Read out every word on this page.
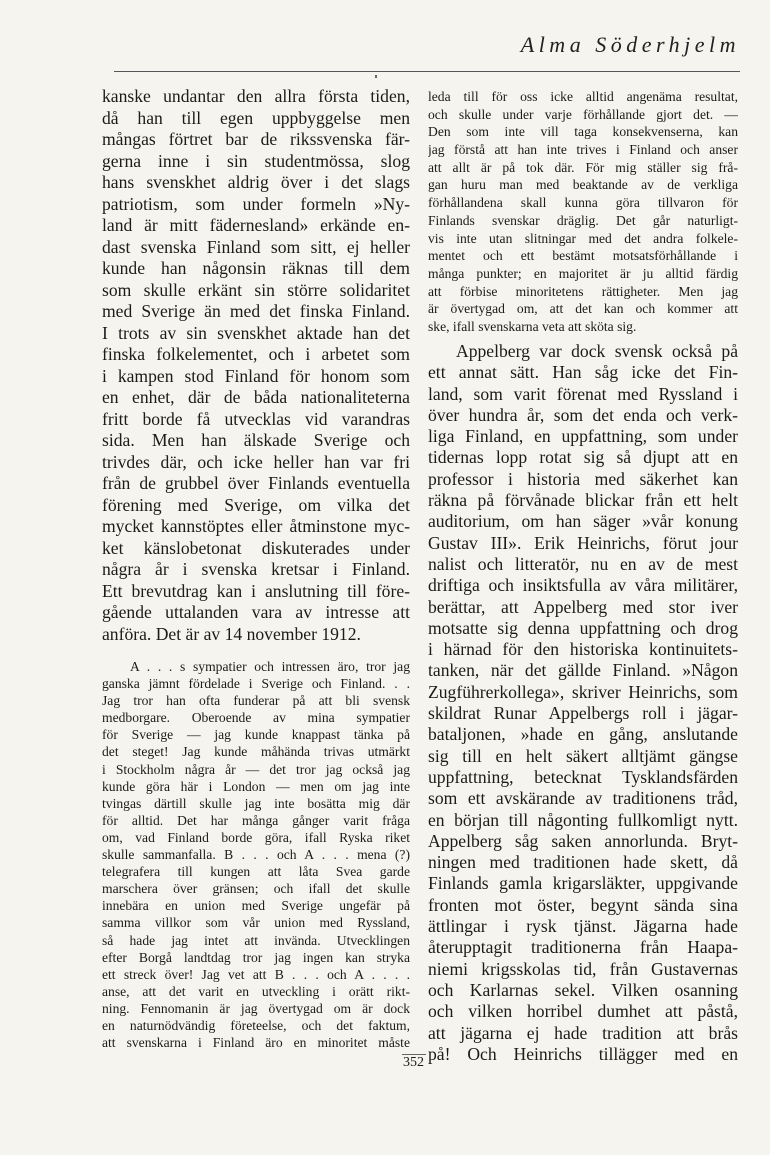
Alma Söderhjelm
kanske undantar den allra första tiden,
då han till egen uppbyggelse men
mångas förtret bar de rikssvenska fär-
gerna inne i sin studentmössa, slog
hans svenskhet aldrig över i det slags
patriotism, som under formeln »Ny-
land är mitt fädernesland» erkände en-
dast svenska Finland som sitt, ej heller
kunde han någonsin räknas till dem
som skulle erkänt sin större solidaritet
med Sverige än med det finska Finland.
I trots av sin svenskhet aktade han det
finska folkelementet, och i arbetet som
i kampen stod Finland för honom som
en enhet, där de båda nationaliteterna
fritt borde få utvecklas vid varandras
sida. Men han älskade Sverige och
trivdes där, och icke heller han var fri
från de grubbel över Finlands eventuella
förening med Sverige, om vilka det
mycket kannstöptes eller åtminstone myc-
ket känslobetonat diskuterades under
några år i svenska kretsar i Finland.
Ett brevutdrag kan i anslutning till före-
gående uttalanden vara av intresse att
anföra. Det är av 14 november 1912.
A . . . s sympatier och intressen äro, tror jag
ganska jämnt fördelade i Sverige och Finland. . .
Jag tror han ofta funderar på att bli svensk
medborgare. Oberoende av mina sympatier
för Sverige — jag kunde knappast tänka på
det steget! Jag kunde måhända trivas utmärkt
i Stockholm några år — det tror jag också jag
kunde göra här i London — men om jag inte
tvingas därtill skulle jag inte bosätta mig där
för alltid. Det har många gånger varit fråga
om, vad Finland borde göra, ifall Ryska riket
skulle sammanfalla. B . . . och A . . . mena (?)
telegrafera till kungen att låta Svea garde
marschera över gränsen; och ifall det skulle
innebära en union med Sverige ungefär på
samma villkor som vår union med Ryssland,
så hade jag intet att invända. Utvecklingen
efter Borgå landtdag tror jag ingen kan stryka
ett streck över! Jag vet att B . . . och A . . . .
anse, att det varit en utveckling i orätt rikt-
ning. Fennomanin är jag övertygad om är dock
en naturnödvändig företeelse, och det faktum,
att svenskarna i Finland äro en minoritet måste
leda till för oss icke alltid angenäma resultat,
och skulle under varje förhållande gjort det. —
Den som inte vill taga konsekvenserna, kan
jag förstå att han inte trives i Finland och anser
att allt är på tok där. För mig ställer sig frå-
gan huru man med beaktande av de verkliga
förhållandena skall kunna göra tillvaron för
Finlands svenskar dräglig. Det går naturligt-
vis inte utan slitningar med det andra folkele-
mentet och ett bestämt motsatsförhållande i
många punkter; en majoritet är ju alltid färdig
att förbise minoritetens rättigheter. Men jag
är övertygad om, att det kan och kommer att
ske, ifall svenskarna veta att sköta sig.
Appelberg var dock svensk också på
ett annat sätt. Han såg icke det Fin-
land, som varit förenat med Ryssland i
över hundra år, som det enda och verk-
liga Finland, en uppfattning, som under
tidernas lopp rotat sig så djupt att en
professor i historia med säkerhet kan
räkna på förvånade blickar från ett helt
auditorium, om han säger »vår konung
Gustav III». Erik Heinrichs, förut jour
nalist och litteratör, nu en av de mest
driftiga och insiktsfulla av våra militärer,
berättar, att Appelberg med stor iver
motsatte sig denna uppfattning och drog
i härnad för den historiska kontinuitets-
tanken, när det gällde Finland. »Någon
Zugführerkollega», skriver Heinrichs, som
skildrat Runar Appelbergs roll i jägar-
bataljonen, »hade en gång, anslutande
sig till en helt säkert alltjämt gängse
uppfattning, betecknat Tysklandsfärden
som ett avskärande av traditionens tråd,
en början till någonting fullkomligt nytt.
Appelberg såg saken annorlunda. Bryt-
ningen med traditionen hade skett, då
Finlands gamla krigarsläkter, uppgivande
fronten mot öster, begynt sända sina
ättlingar i rysk tjänst. Jägarna hade
återupptagit traditionerna från Haapa-
niemi krigsskolas tid, från Gustavernas
och Karlarnas sekel. Vilken osanning
och vilken horribel dumhet att påstå,
att jägarna ej hade tradition att brås
på! Och Heinrichs tillägger med en
352
